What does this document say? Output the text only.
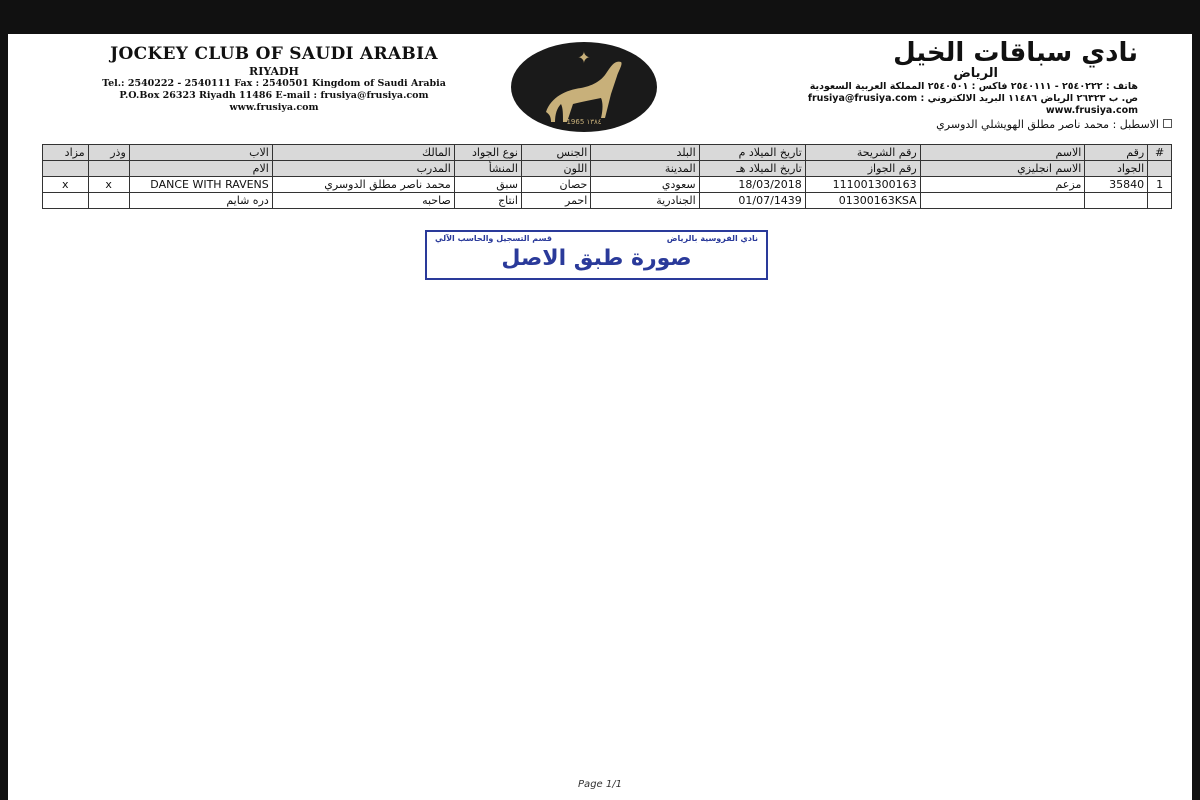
JOCKEY CLUB OF SAUDI ARABIA
RIYADH
Tel.: 2540222 - 2540111 Fax : 2540501 Kingdom of Saudi Arabia
P.O.Box 26323 Riyadh 11486 E-mail : frusiya@frusiya.com
www.frusiya.com
✦
1965 ١٣٨٤
نادي سباقات الخيل
الرياض
هاتف : ٢٥٤٠٢٢٢ - ٢٥٤٠١١١ فاكس : ٢٥٤٠٥٠١ المملكة العربية السعودية
ص. ب ٢٦٣٢٣ الرياض ١١٤٨٦ البريد الالكتروني : frusiya@frusiya.com
www.frusiya.com
الاسطبل : محمد ناصر مطلق الهويشلي الدوسري
#	رقم	الاسم	رقم الشريحة	تاريخ الميلاد م	البلد	الجنس	نوع الجواد	المالك	الاب	وذر	مزاد
	الجواد	الاسم انجليزي	رقم الجواز	تاريخ الميلاد هـ	المدينة	اللون	المنشأ	المدرب	الام		
1	35840	مزعم	111001300163	18/03/2018	سعودي	حصان	سبق	محمد ناصر مطلق الدوسري	DANCE WITH RAVENS	x	x
			01300163KSA	01/07/1439	الجنادرية	احمر	انتاج	صاحبه	دره شايم		
نادي الفروسية بالرياض
قسم التسجيل والحاسب الآلي
صورة طبق الاصل
Page 1/1
